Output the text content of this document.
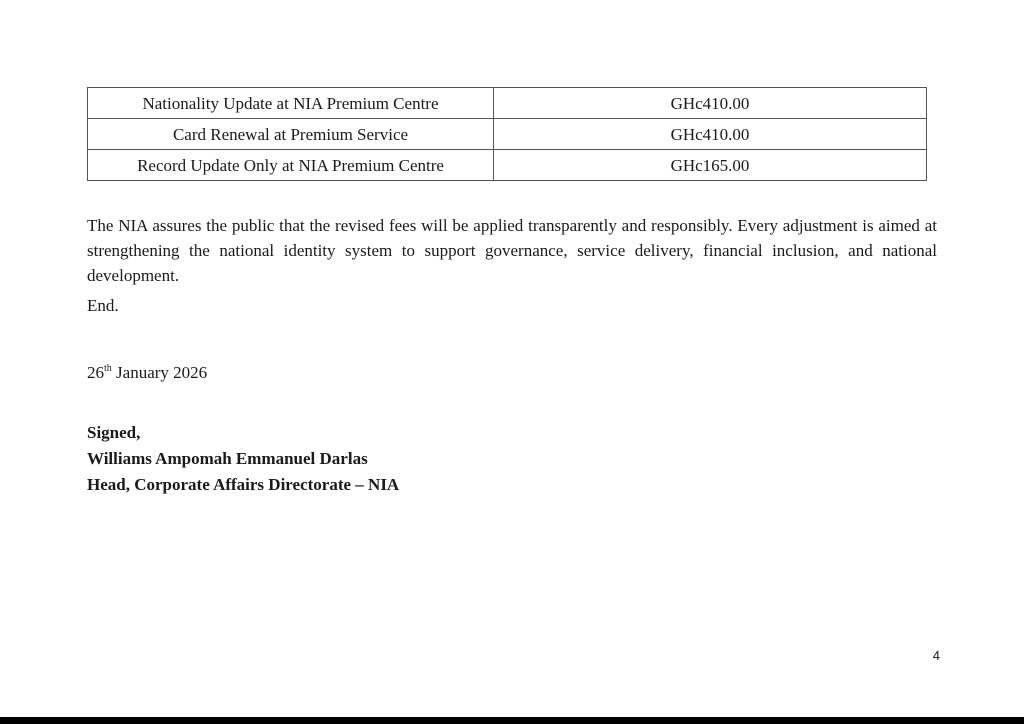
Nationality Update at NIA Premium Centre	GHc410.00
Card Renewal at Premium Service	GHc410.00
Record Update Only at NIA Premium Centre	GHc165.00

The NIA assures the public that the revised fees will be applied transparently and responsibly. Every adjustment is aimed at strengthening the national identity system to support governance, service delivery, financial inclusion, and national development.

End.

26th January 2026

Signed,
Williams Ampomah Emmanuel Darlas
Head, Corporate Affairs Directorate – NIA
4
